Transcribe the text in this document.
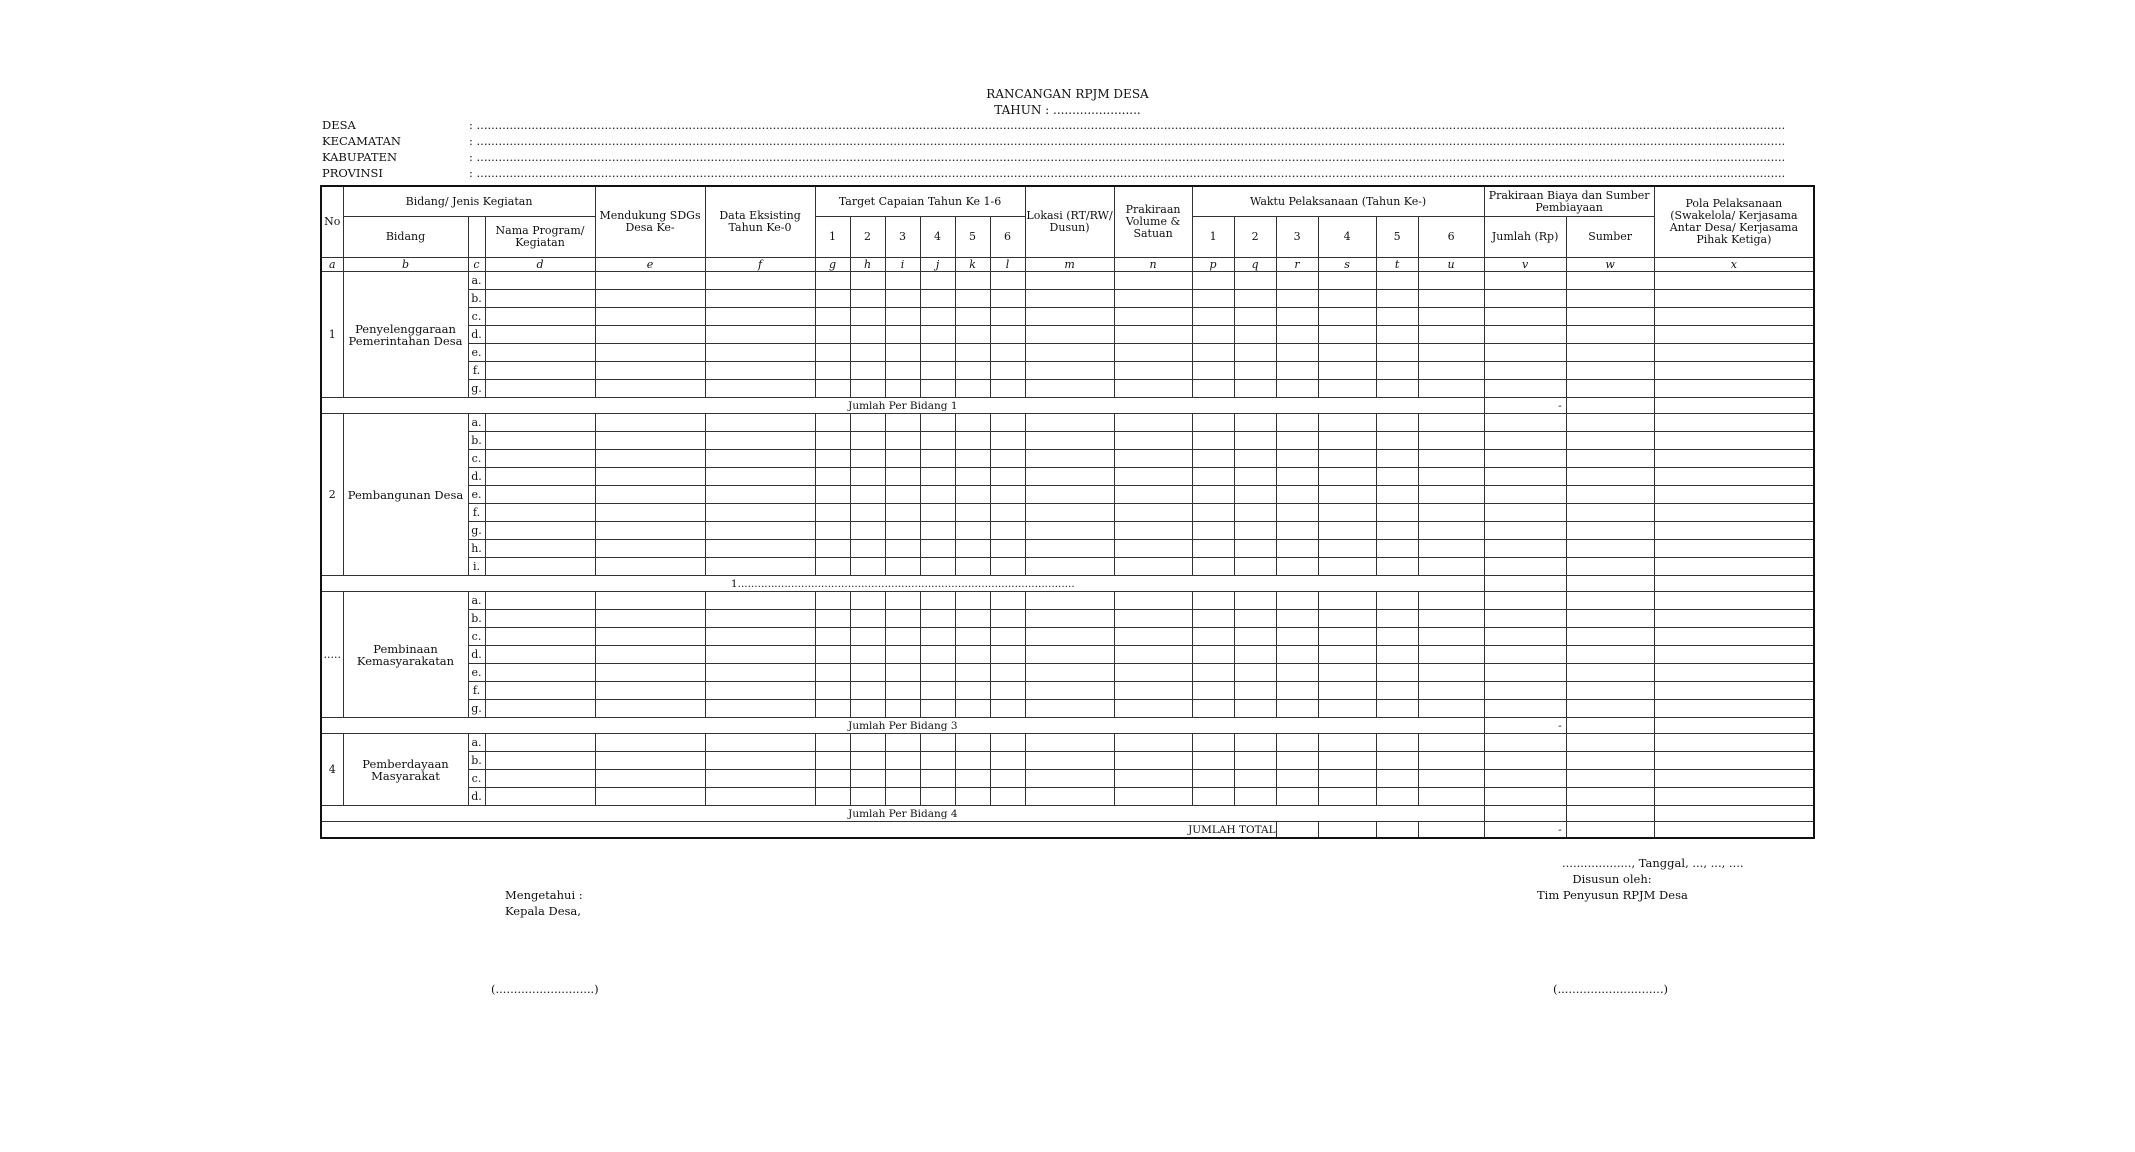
RANCANGAN RPJM DESA
TAHUN : .......................
DESA	: ......................................................................................................................................................................................................................................................................................................................................................................
KECAMATAN	: ......................................................................................................................................................................................................................................................................................................................................................................
KABUPATEN	: ......................................................................................................................................................................................................................................................................................................................................................................
PROVINSI	: ......................................................................................................................................................................................................................................................................................................................................................................
No	Bidang/ Jenis Kegiatan			Mendukung SDGs Desa Ke-	Data Eksisting Tahun Ke-0	Target Capaian Tahun Ke 1-6						Lokasi (RT/RW/ Dusun)	Prakiraan Volume & Satuan	Waktu Pelaksanaan (Tahun Ke-)						Prakiraan Biaya dan Sumber Pembiayaan		Pola Pelaksanaan (Swakelola/ Kerjasama Antar Desa/ Kerjasama Pihak Ketiga)
	Bidang		Nama Program/ Kegiatan			1	2	3	4	5	6			1	2	3	4	5	6	Jumlah (Rp)	Sumber	
a	b	c	d	e	f	g	h	i	j	k	l	m	n	p	q	r	s	t	u	v	w	x
1	Penyelenggaraan Pemerintahan Desa	a.																				
		b.																				
		c.																				
		d.																				
		e.																				
		f.																				
		g.																				
Jumlah Per Bidang 1																				-		
2	Pembangunan Desa	a.																				
		b.																				
		c.																				
		d.																				
		e.																				
		f.																				
		g.																				
		h.																				
		i.																				
1.....................................................................................................																						
.....	Pembinaan Kemasyarakatan	a.																				
		b.																				
		c.																				
		d.																				
		e.																				
		f.																				
		g.																				
Jumlah Per Bidang 3																				-		
4	Pemberdayaan Masyarakat	a.																				
		b.																				
		c.																				
		d.																				
Jumlah Per Bidang 4																						
JUMLAH TOTAL																				-		
..................., Tanggal, ..., ..., ....
Disusun oleh:
Tim Penyusun RPJM Desa
Mengetahui :
Kepala Desa,
(...........................)	(.............................)
